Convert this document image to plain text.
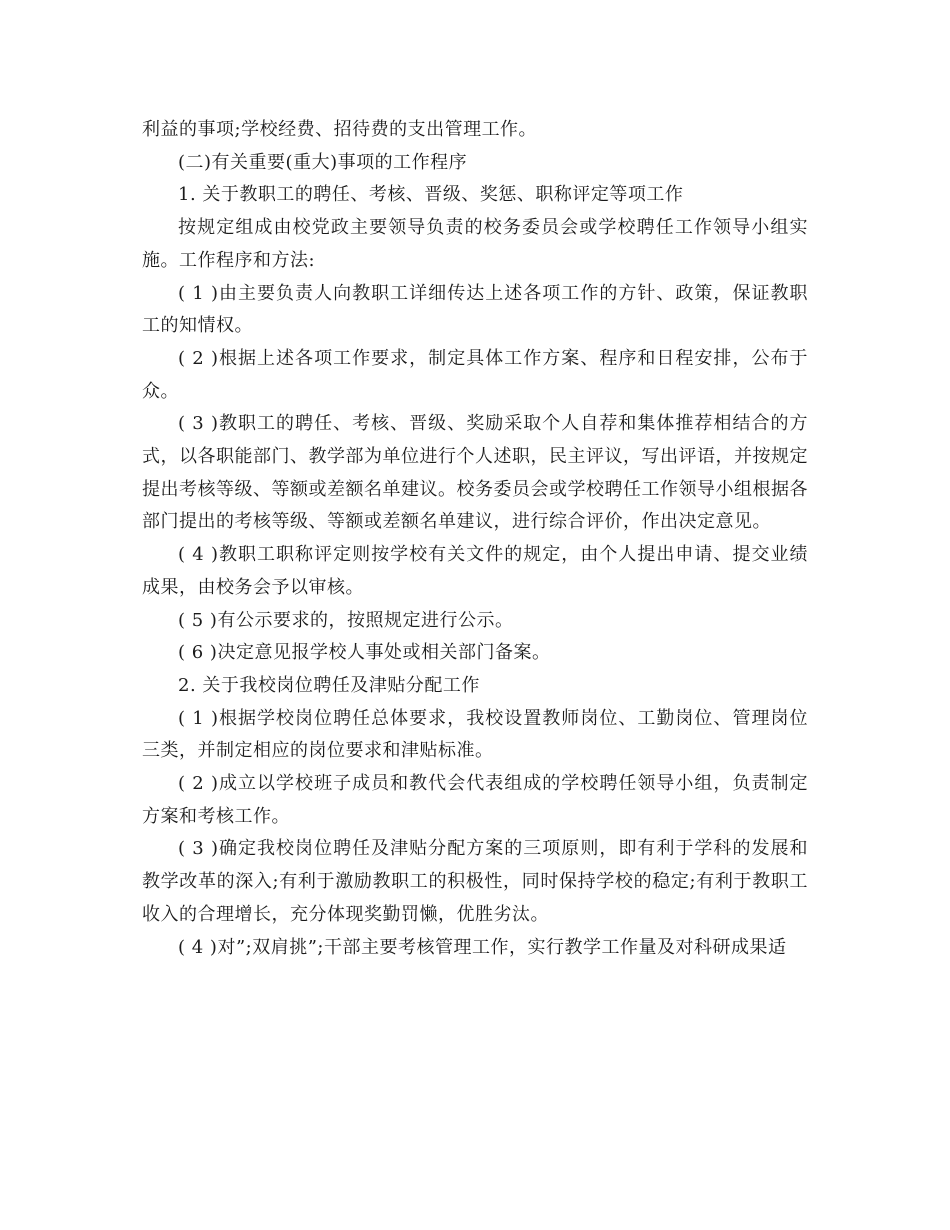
利益的事项;学校经费、招待费的支出管理工作。

(二)有关重要(重大)事项的工作程序

1. 关于教职工的聘任、考核、晋级、奖惩、职称评定等项工作

按规定组成由校党政主要领导负责的校务委员会或学校聘任工作领导小组实施。工作程序和方法:

( 1 )由主要负责人向教职工详细传达上述各项工作的方针、政策，保证教职工的知情权。

( 2 )根据上述各项工作要求，制定具体工作方案、程序和日程安排，公布于众。

( 3 )教职工的聘任、考核、晋级、奖励采取个人自荐和集体推荐相结合的方式，以各职能部门、教学部为单位进行个人述职，民主评议，写出评语，并按规定提出考核等级、等额或差额名单建议。校务委员会或学校聘任工作领导小组根据各部门提出的考核等级、等额或差额名单建议，进行综合评价，作出决定意见。

( 4 )教职工职称评定则按学校有关文件的规定，由个人提出申请、提交业绩成果，由校务会予以审核。

( 5 )有公示要求的，按照规定进行公示。

( 6 )决定意见报学校人事处或相关部门备案。

2. 关于我校岗位聘任及津贴分配工作

( 1 )根据学校岗位聘任总体要求，我校设置教师岗位、工勤岗位、管理岗位三类，并制定相应的岗位要求和津贴标准。

( 2 )成立以学校班子成员和教代会代表组成的学校聘任领导小组，负责制定方案和考核工作。

( 3 )确定我校岗位聘任及津贴分配方案的三项原则，即有利于学科的发展和教学改革的深入;有利于激励教职工的积极性，同时保持学校的稳定;有利于教职工收入的合理增长，充分体现奖勤罚懒，优胜劣汰。

( 4 )对”;双肩挑”;干部主要考核管理工作，实行教学工作量及对科研成果适
